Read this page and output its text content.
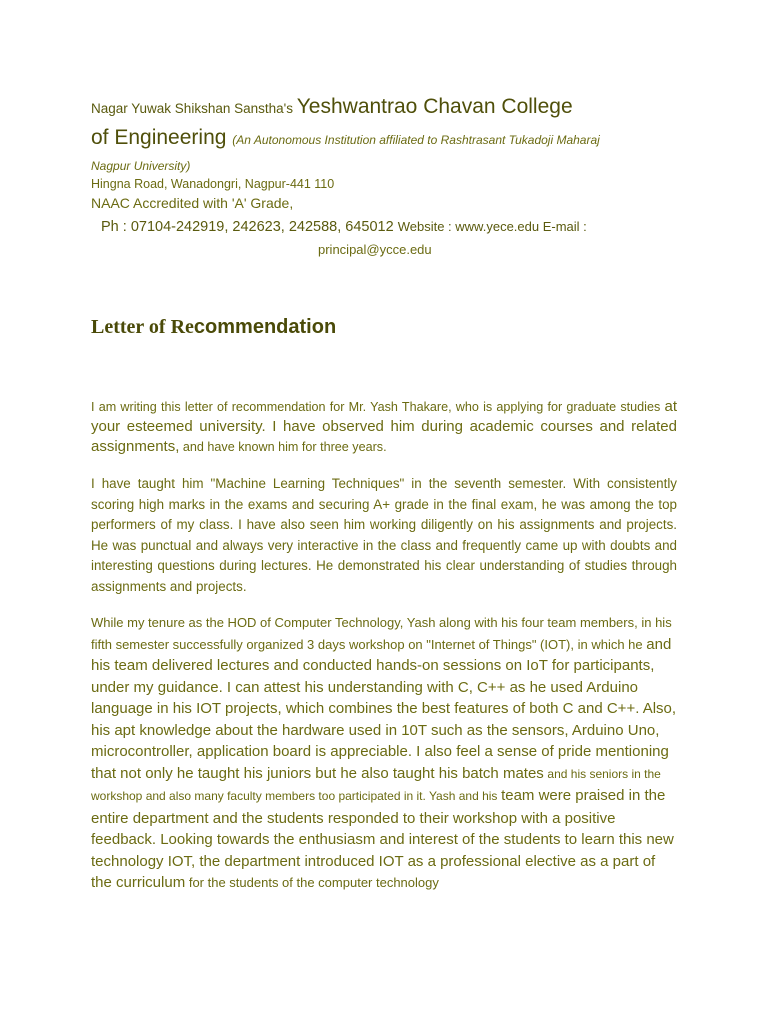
Nagar Yuwak Shikshan Sanstha's Yeshwantrao Chavan College
of Engineering (An Autonomous Institution affiliated to Rashtrasant Tukadoji Maharaj
Nagpur University)
Hingna Road, Wanadongri, Nagpur-441 110
NAAC Accredited with 'A' Grade,
Ph : 07104-242919, 242623, 242588, 645012 Website : www.yece.edu E-mail :
principal@ycce.edu
Letter of Recommendation
I am writing this letter of recommendation for Mr. Yash Thakare, who is applying for graduate studies at your esteemed university. I have observed him during academic courses and related assignments, and have known him for three years.
I have taught him "Machine Learning Techniques" in the seventh semester. With consistently scoring high marks in the exams and securing A+ grade in the final exam, he was among the top performers of my class. I have also seen him working diligently on his assignments and projects. He was punctual and always very interactive in the class and frequently came up with doubts and interesting questions during lectures. He demonstrated his clear understanding of studies through assignments and projects.
While my tenure as the HOD of Computer Technology, Yash along with his four team members, in his fifth semester successfully organized 3 days workshop on "Internet of Things" (IOT), in which he and his team delivered lectures and conducted hands-on sessions on IoT for participants, under my guidance. I can attest his understanding with C, C++ as he used Arduino language in his IOT projects, which combines the best features of both C and C++. Also, his apt knowledge about the hardware used in 10T such as the sensors, Arduino Uno, microcontroller, application board is appreciable. I also feel a sense of pride mentioning that not only he taught his juniors but he also taught his batch mates and his seniors in the workshop and also many faculty members too participated in it. Yash and his team were praised in the entire department and the students responded to their workshop with a positive feedback. Looking towards the enthusiasm and interest of the students to learn this new technology IOT, the department introduced IOT as a professional elective as a part of the curriculum for the students of the computer technology
